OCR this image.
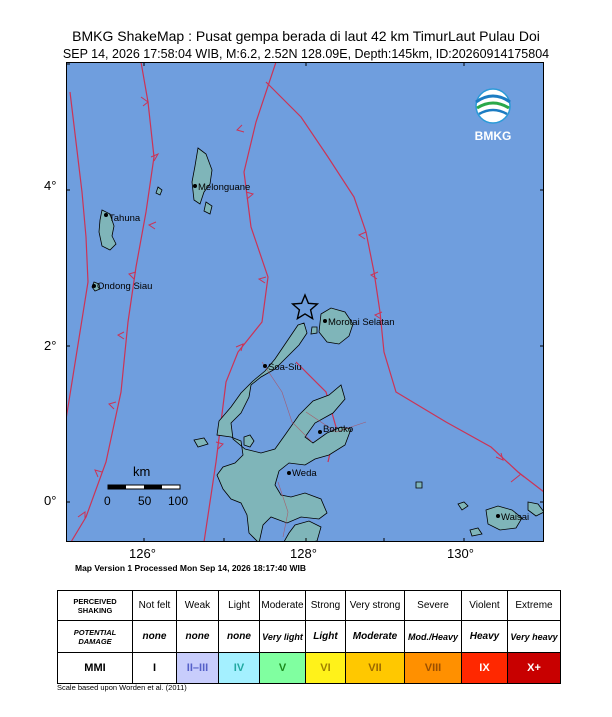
BMKG ShakeMap : Pusat gempa berada di laut 42 km TimurLaut Pulau Doi
SEP 14, 2026 17:58:04 WIB, M:6.2, 2.52N 128.09E, Depth:145km, ID:20260914175804
4°
2°
0°
126°	128°	130°
BMKG
Melonguane
Tahuna
Ondong Siau
Morotai Selatan
Soa-Siu
Boroko
Weda
Waisai
km
0 50 100
Map Version 1 Processed Mon Sep 14, 2026 18:17:40 WIB
PERCEIVED SHAKING	Not felt	Weak	Light	Moderate	Strong	Very strong	Severe	Violent	Extreme
POTENTIAL DAMAGE	none	none	none	Very light	Light	Moderate	Mod./Heavy	Heavy	Very heavy
MMI	I	II–III	IV	V	VI	VII	VIII	IX	X+
Scale based upon Worden et al. (2011)
